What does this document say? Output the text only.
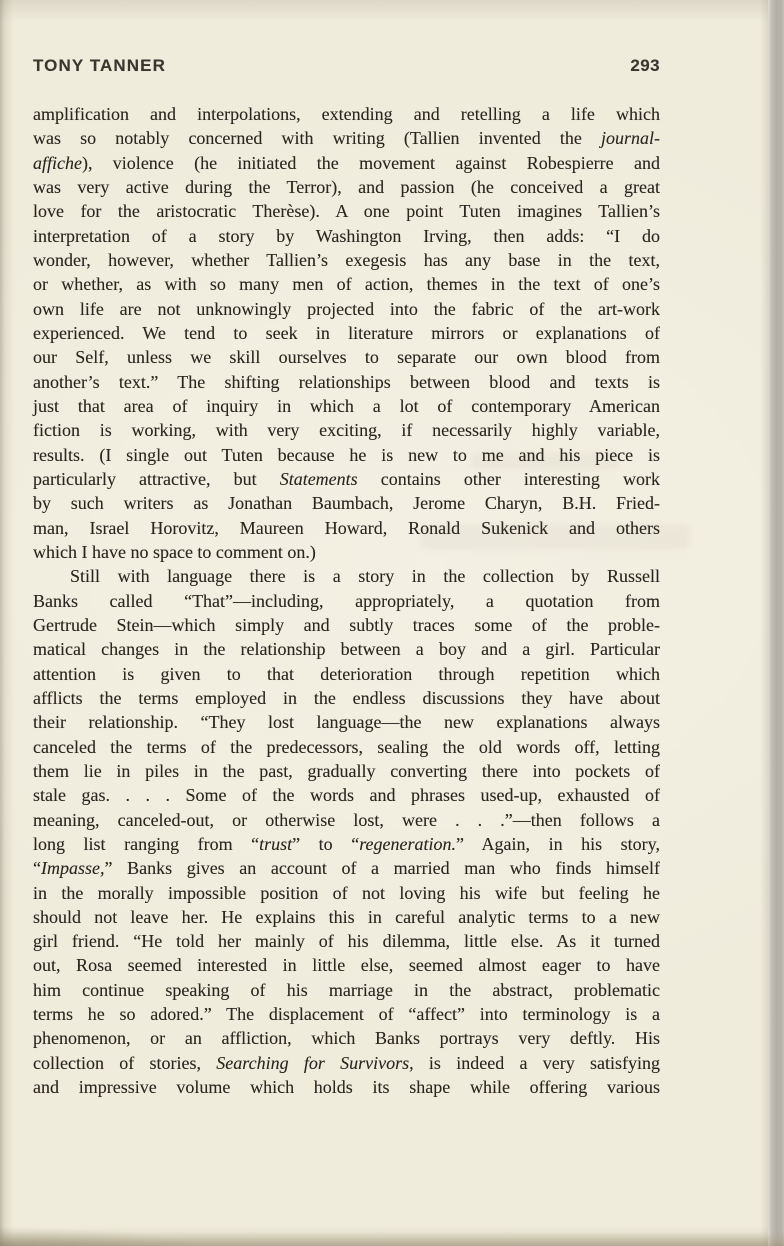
TONY TANNER	293
amplification and interpolations, extending and retelling a life which
was so notably concerned with writing (Tallien invented the journal-
affiche), violence (he initiated the movement against Robespierre and
was very active during the Terror), and passion (he conceived a great
love for the aristocratic Therèse). A one point Tuten imagines Tallien’s
interpretation of a story by Washington Irving, then adds: “I do
wonder, however, whether Tallien’s exegesis has any base in the text,
or whether, as with so many men of action, themes in the text of one’s
own life are not unknowingly projected into the fabric of the art-work
experienced. We tend to seek in literature mirrors or explanations of
our Self, unless we skill ourselves to separate our own blood from
another’s text.” The shifting relationships between blood and texts is
just that area of inquiry in which a lot of contemporary American
fiction is working, with very exciting, if necessarily highly variable,
results. (I single out Tuten because he is new to me and his piece is
particularly attractive, but Statements contains other interesting work
by such writers as Jonathan Baumbach, Jerome Charyn, B.H. Fried-
man, Israel Horovitz, Maureen Howard, Ronald Sukenick and others
which I have no space to comment on.)
Still with language there is a story in the collection by Russell
Banks called “That”—including, appropriately, a quotation from
Gertrude Stein—which simply and subtly traces some of the proble-
matical changes in the relationship between a boy and a girl. Particular
attention is given to that deterioration through repetition which
afflicts the terms employed in the endless discussions they have about
their relationship. “They lost language—the new explanations always
canceled the terms of the predecessors, sealing the old words off, letting
them lie in piles in the past, gradually converting there into pockets of
stale gas. . . . Some of the words and phrases used-up, exhausted of
meaning, canceled-out, or otherwise lost, were . . .”—then follows a
long list ranging from “trust” to “regeneration.” Again, in his story,
“Impasse,” Banks gives an account of a married man who finds himself
in the morally impossible position of not loving his wife but feeling he
should not leave her. He explains this in careful analytic terms to a new
girl friend. “He told her mainly of his dilemma, little else. As it turned
out, Rosa seemed interested in little else, seemed almost eager to have
him continue speaking of his marriage in the abstract, problematic
terms he so adored.” The displacement of “affect” into terminology is a
phenomenon, or an affliction, which Banks portrays very deftly. His
collection of stories, Searching for Survivors, is indeed a very satisfying
and impressive volume which holds its shape while offering various
